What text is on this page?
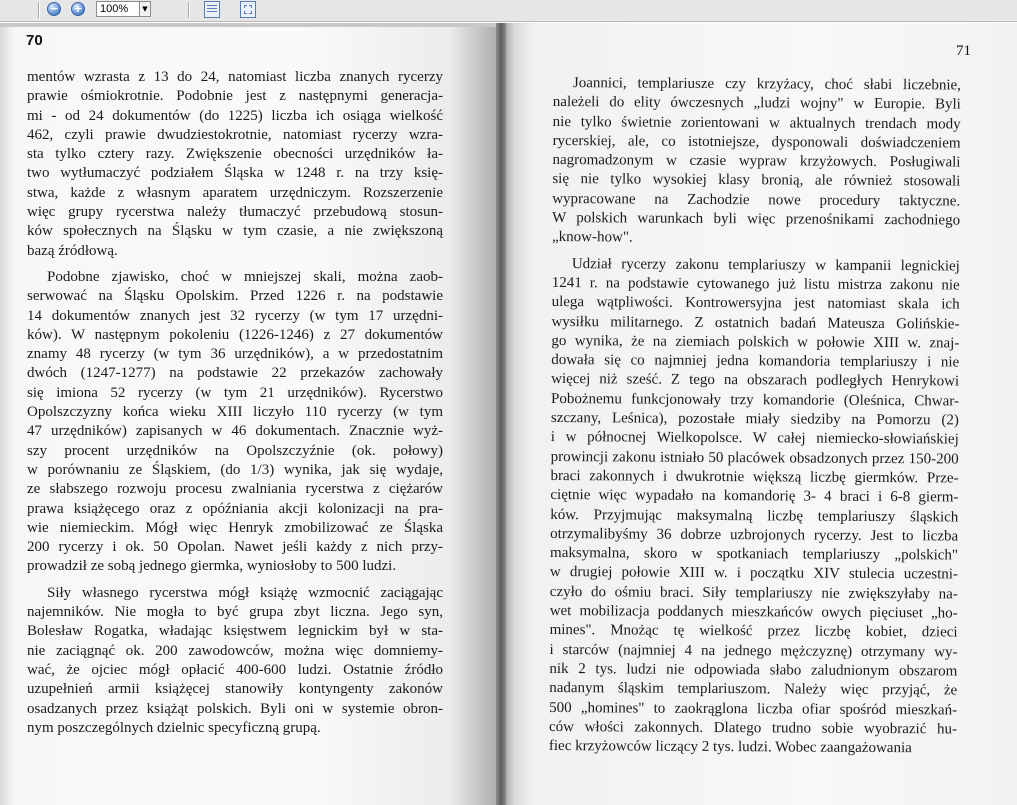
− +	100%	▼
70
71
mentów wzrasta z 13 do 24, natomiast liczba znanych rycerzy
prawie ośmiokrotnie. Podobnie jest z następnymi generacja-
mi - od 24 dokumentów (do 1225) liczba ich osiąga wielkość
462, czyli prawie dwudziestokrotnie, natomiast rycerzy wzra-
sta tylko cztery razy. Zwiększenie obecności urzędników ła-
two wytłumaczyć podziałem Śląska w 1248 r. na trzy księ-
stwa, każde z własnym aparatem urzędniczym. Rozszerzenie
więc grupy rycerstwa należy tłumaczyć przebudową stosun-
ków społecznych na Śląsku w tym czasie, a nie zwiększoną
bazą źródłową.
Podobne zjawisko, choć w mniejszej skali, można zaob-
serwować na Śląsku Opolskim. Przed 1226 r. na podstawie
14 dokumentów znanych jest 32 rycerzy (w tym 17 urzędni-
ków). W następnym pokoleniu (1226-1246) z 27 dokumentów
znamy 48 rycerzy (w tym 36 urzędników), a w przedostatnim
dwóch (1247-1277) na podstawie 22 przekazów zachowały
się imiona 52 rycerzy (w tym 21 urzędników). Rycerstwo
Opolszczyzny końca wieku XIII liczyło 110 rycerzy (w tym
47 urzędników) zapisanych w 46 dokumentach. Znacznie wyż-
szy procent urzędników na Opolszczyźnie (ok. połowy)
w porównaniu ze Śląskiem, (do 1/3) wynika, jak się wydaje,
ze słabszego rozwoju procesu zwalniania rycerstwa z ciężarów
prawa książęcego oraz z opóźniania akcji kolonizacji na pra-
wie niemieckim. Mógł więc Henryk zmobilizować ze Śląska
200 rycerzy i ok. 50 Opolan. Nawet jeśli każdy z nich przy-
prowadził ze sobą jednego giermka, wyniosłoby to 500 ludzi.
Siły własnego rycerstwa mógł książę wzmocnić zaciągając
najemników. Nie mogła to być grupa zbyt liczna. Jego syn,
Bolesław Rogatka, władając księstwem legnickim był w sta-
nie zaciągnąć ok. 200 zawodowców, można więc domniemy-
wać, że ojciec mógł opłacić 400-600 ludzi. Ostatnie źródło
uzupełnień armii książęcej stanowiły kontyngenty zakonów
osadzanych przez książąt polskich. Byli oni w systemie obron-
nym poszczególnych dzielnic specyficzną grupą.
Joannici, templariusze czy krzyżacy, choć słabi liczebnie,
należeli do elity ówczesnych „ludzi wojny" w Europie. Byli
nie tylko świetnie zorientowani w aktualnych trendach mody
rycerskiej, ale, co istotniejsze, dysponowali doświadczeniem
nagromadzonym w czasie wypraw krzyżowych. Posługiwali
się nie tylko wysokiej klasy bronią, ale również stosowali
wypracowane na Zachodzie nowe procedury taktyczne.
W polskich warunkach byli więc przenośnikami zachodniego
„know-how".
Udział rycerzy zakonu templariuszy w kampanii legnickiej
1241 r. na podstawie cytowanego już listu mistrza zakonu nie
ulega wątpliwości. Kontrowersyjna jest natomiast skala ich
wysiłku militarnego. Z ostatnich badań Mateusza Golińskie-
go wynika, że na ziemiach polskich w połowie XIII w. znaj-
dowała się co najmniej jedna komandoria templariuszy i nie
więcej niż sześć. Z tego na obszarach podległych Henrykowi
Pobożnemu funkcjonowały trzy komandorie (Oleśnica, Chwar-
szczany, Leśnica), pozostałe miały siedziby na Pomorzu (2)
i w północnej Wielkopolsce. W całej niemiecko-słowiańskiej
prowincji zakonu istniało 50 placówek obsadzonych przez 150-200
braci zakonnych i dwukrotnie większą liczbę giermków. Prze-
ciętnie więc wypadało na komandorię 3- 4 braci i 6-8 gierm-
ków. Przyjmując maksymalną liczbę templariuszy śląskich
otrzymalibyśmy 36 dobrze uzbrojonych rycerzy. Jest to liczba
maksymalna, skoro w spotkaniach templariuszy „polskich"
w drugiej połowie XIII w. i początku XIV stulecia uczestni-
czyło do ośmiu braci. Siły templariuszy nie zwiększyłaby na-
wet mobilizacja poddanych mieszkańców owych pięciuset „ho-
mines". Mnożąc tę wielkość przez liczbę kobiet, dzieci
i starców (najmniej 4 na jednego mężczyznę) otrzymany wy-
nik 2 tys. ludzi nie odpowiada słabo zaludnionym obszarom
nadanym śląskim templariuszom. Należy więc przyjąć, że
500 „homines" to zaokrąglona liczba ofiar spośród mieszkań-
ców włości zakonnych. Dlatego trudno sobie wyobrazić hu-
fiec krzyżowców liczący 2 tys. ludzi. Wobec zaangażowania
